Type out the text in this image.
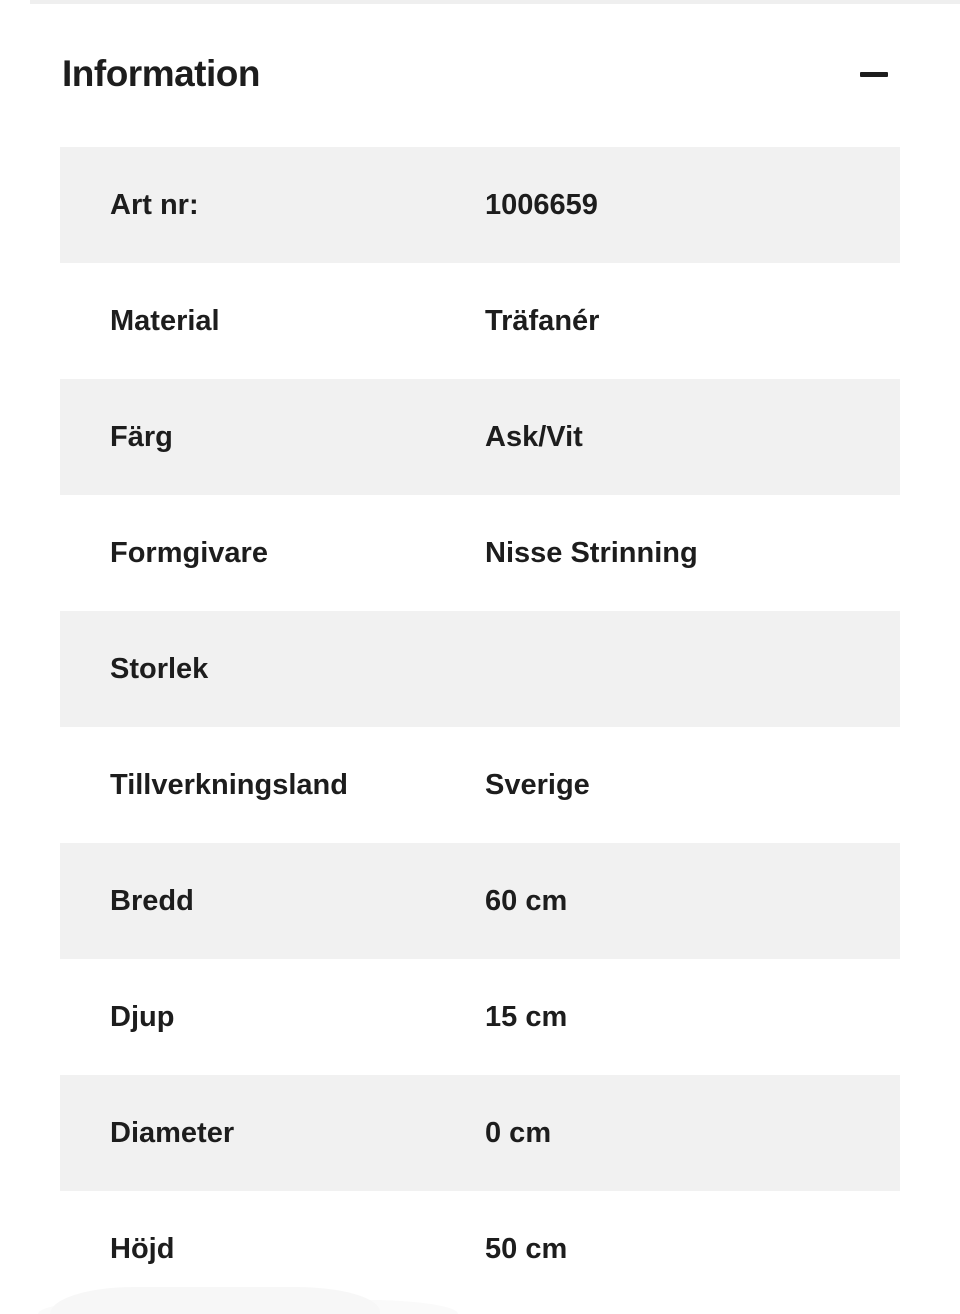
Information
Art nr:	1006659
Material	Träfanér
Färg	Ask/Vit
Formgivare	Nisse Strinning
Storlek
Tillverkningsland	Sverige
Bredd	60 cm
Djup	15 cm
Diameter	0 cm
Höjd	50 cm
